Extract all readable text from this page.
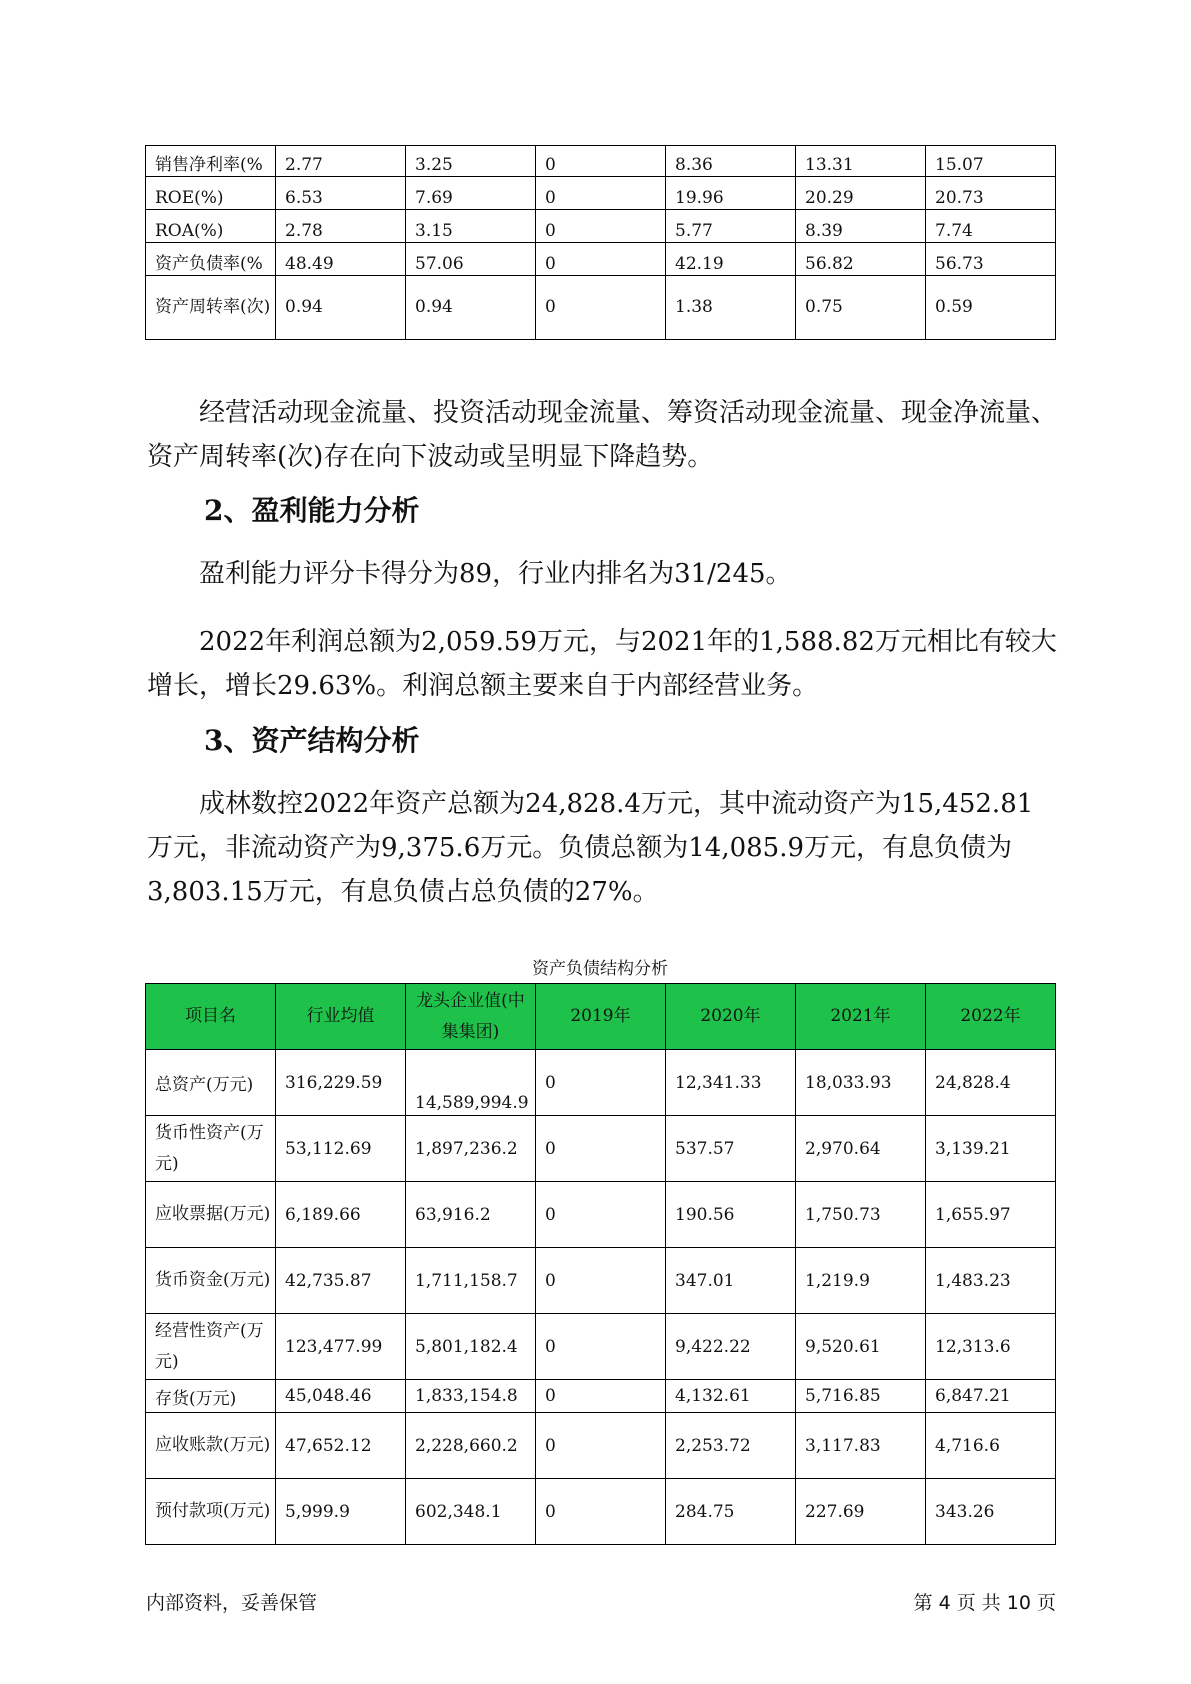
销售净利率(%	2.77	3.25	0	8.36	13.31	15.07
ROE(%)	6.53	7.69	0	19.96	20.29	20.73
ROA(%)	2.78	3.15	0	5.77	8.39	7.74
资产负债率(%	48.49	57.06	0	42.19	56.82	56.73
资产周转率(次)	0.94	0.94	0	1.38	0.75	0.59

经营活动现金流量、投资活动现金流量、筹资活动现金流量、现金净流量、资产周转率(次)存在向下波动或呈明显下降趋势。

2、盈利能力分析

盈利能力评分卡得分为89，行业内排名为31/245。

2022年利润总额为2,059.59万元，与2021年的1,588.82万元相比有较大增长，增长29.63%。利润总额主要来自于内部经营业务。

3、资产结构分析

成林数控2022年资产总额为24,828.4万元，其中流动资产为15,452.81万元，非流动资产为9,375.6万元。负债总额为14,085.9万元，有息负债为3,803.15万元，有息负债占总负债的27%。

资产负债结构分析
项目名	行业均值	龙头企业值(中集集团)	2019年	2020年	2021年	2022年
总资产(万元)	316,229.59	14,589,994.9	0	12,341.33	18,033.93	24,828.4
货币性资产(万元)	53,112.69	1,897,236.2	0	537.57	2,970.64	3,139.21
应收票据(万元)	6,189.66	63,916.2	0	190.56	1,750.73	1,655.97
货币资金(万元)	42,735.87	1,711,158.7	0	347.01	1,219.9	1,483.23
经营性资产(万元)	123,477.99	5,801,182.4	0	9,422.22	9,520.61	12,313.6
存货(万元)	45,048.46	1,833,154.8	0	4,132.61	5,716.85	6,847.21
应收账款(万元)	47,652.12	2,228,660.2	0	2,253.72	3,117.83	4,716.6
预付款项(万元)	5,999.9	602,348.1	0	284.75	227.69	343.26
内部资料，妥善保管	第 4 页 共 10 页
